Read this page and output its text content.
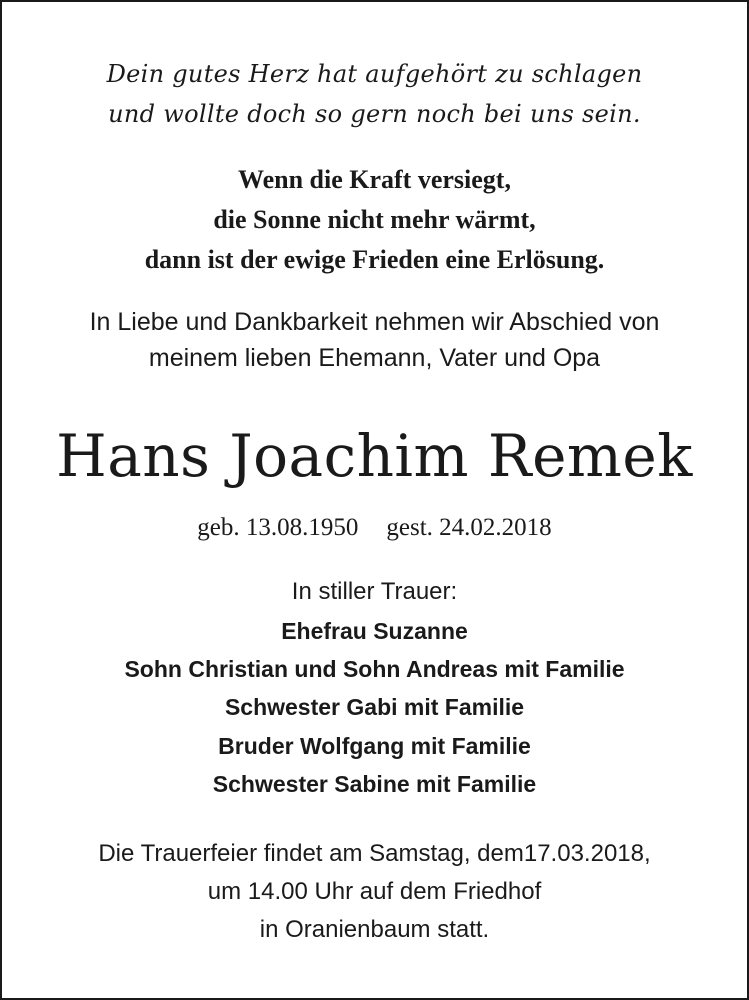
Dein gutes Herz hat aufgehört zu schlagen
und wollte doch so gern noch bei uns sein.
Wenn die Kraft versiegt,
die Sonne nicht mehr wärmt,
dann ist der ewige Frieden eine Erlösung.
In Liebe und Dankbarkeit nehmen wir Abschied von
meinem lieben Ehemann, Vater und Opa
Hans Joachim Remek
geb. 13.08.1950 gest. 24.02.2018
In stiller Trauer:
Ehefrau Suzanne
Sohn Christian und Sohn Andreas mit Familie
Schwester Gabi mit Familie
Bruder Wolfgang mit Familie
Schwester Sabine mit Familie
Die Trauerfeier findet am Samstag, dem17.03.2018,
um 14.00 Uhr auf dem Friedhof
in Oranienbaum statt.
